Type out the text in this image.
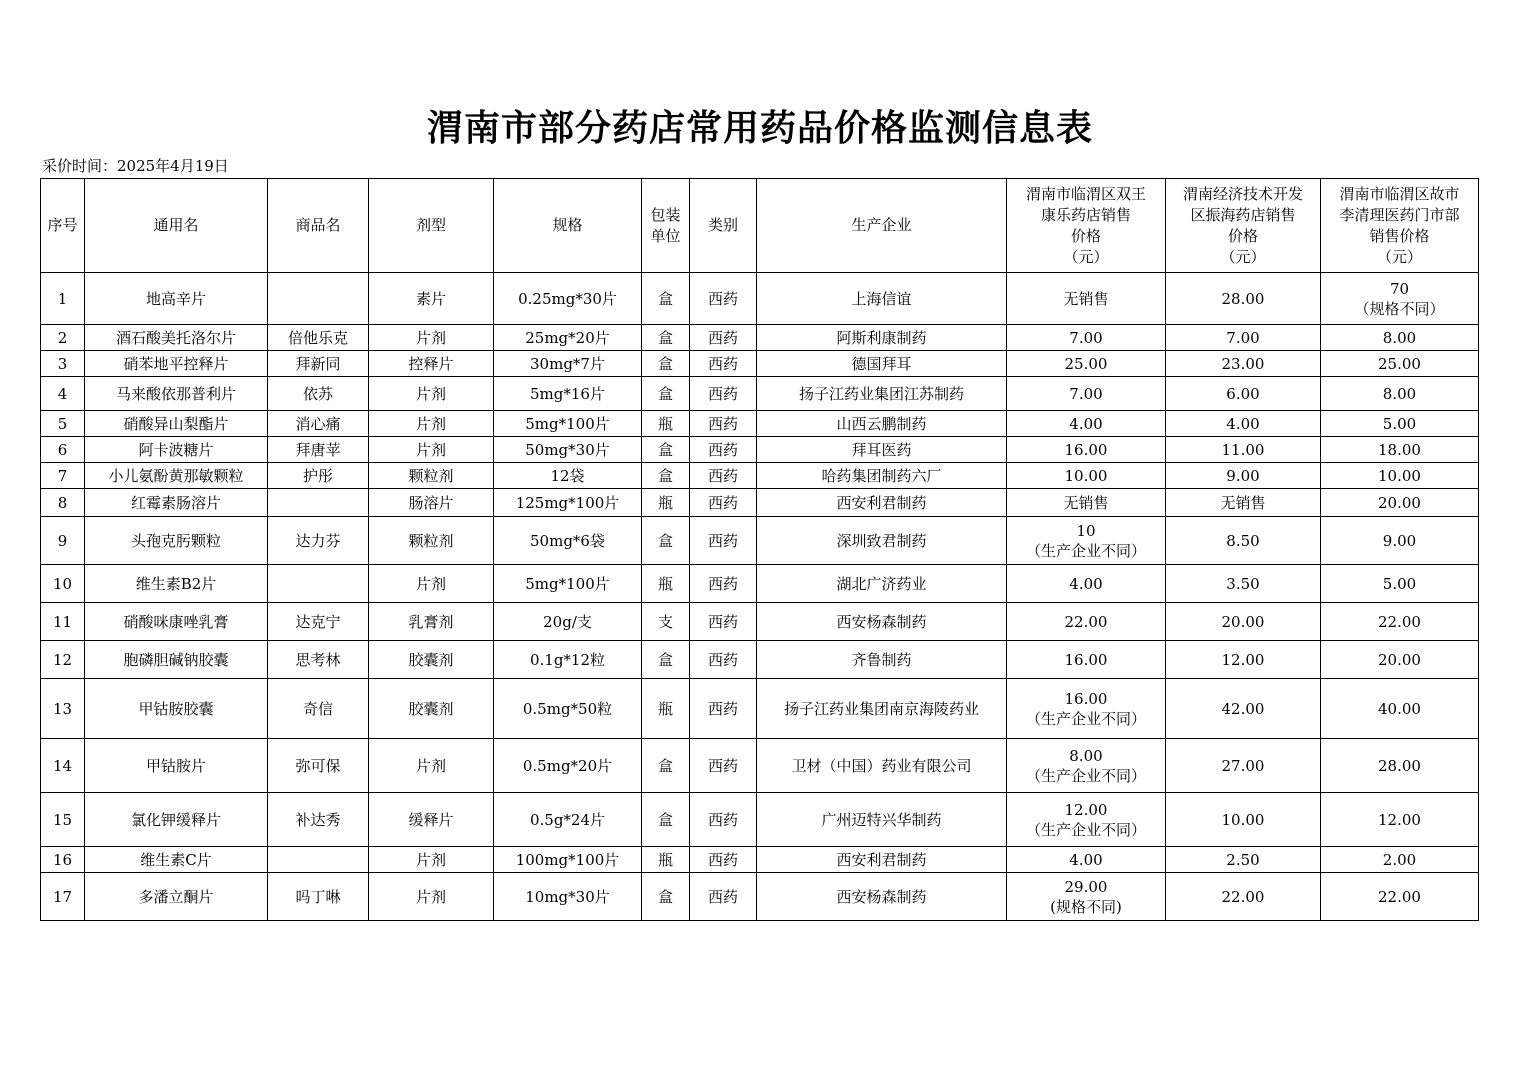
渭南市部分药店常用药品价格监测信息表
采价时间：2025年4月19日
序号	通用名	商品名	剂型	规格	包装单位	类别	生产企业	渭南市临渭区双王
康乐药店销售
价格
（元）	渭南经济技术开发
区振海药店销售
价格
（元）	渭南市临渭区故市
李清理医药门市部
销售价格
（元）

1	地高辛片		素片	0.25mg*30片	盒	西药	上海信谊	无销售	28.00	70
（规格不同）

2	酒石酸美托洛尔片	倍他乐克	片剂	25mg*20片	盒	西药	阿斯利康制药	7.00	7.00	8.00

3	硝苯地平控释片	拜新同	控释片	30mg*7片	盒	西药	德国拜耳	25.00	23.00	25.00

4	马来酸依那普利片	依苏	片剂	5mg*16片	盒	西药	扬子江药业集团江苏制药	7.00	6.00	8.00

5	硝酸异山梨酯片	消心痛	片剂	5mg*100片	瓶	西药	山西云鹏制药	4.00	4.00	5.00

6	阿卡波糖片	拜唐苹	片剂	50mg*30片	盒	西药	拜耳医药	16.00	11.00	18.00

7	小儿氨酚黄那敏颗粒	护彤	颗粒剂	12袋	盒	西药	哈药集团制药六厂	10.00	9.00	10.00

8	红霉素肠溶片		肠溶片	125mg*100片	瓶	西药	西安利君制药	无销售	无销售	20.00

9	头孢克肟颗粒	达力芬	颗粒剂	50mg*6袋	盒	西药	深圳致君制药	10
（生产企业不同）	8.50	9.00

10	维生素B2片		片剂	5mg*100片	瓶	西药	湖北广济药业	4.00	3.50	5.00

11	硝酸咪康唑乳膏	达克宁	乳膏剂	20g/支	支	西药	西安杨森制药	22.00	20.00	22.00

12	胞磷胆碱钠胶囊	思考林	胶囊剂	0.1g*12粒	盒	西药	齐鲁制药	16.00	12.00	20.00

13	甲钴胺胶囊	奇信	胶囊剂	0.5mg*50粒	瓶	西药	扬子江药业集团南京海陵药业	16.00
（生产企业不同）	42.00	40.00

14	甲钴胺片	弥可保	片剂	0.5mg*20片	盒	西药	卫材（中国）药业有限公司	8.00
（生产企业不同）	27.00	28.00

15	氯化钾缓释片	补达秀	缓释片	0.5g*24片	盒	西药	广州迈特兴华制药	12.00
（生产企业不同）	10.00	12.00

16	维生素C片		片剂	100mg*100片	瓶	西药	西安利君制药	4.00	2.50	2.00

17	多潘立酮片	吗丁啉	片剂	10mg*30片	盒	西药	西安杨森制药	29.00
(规格不同)	22.00	22.00
